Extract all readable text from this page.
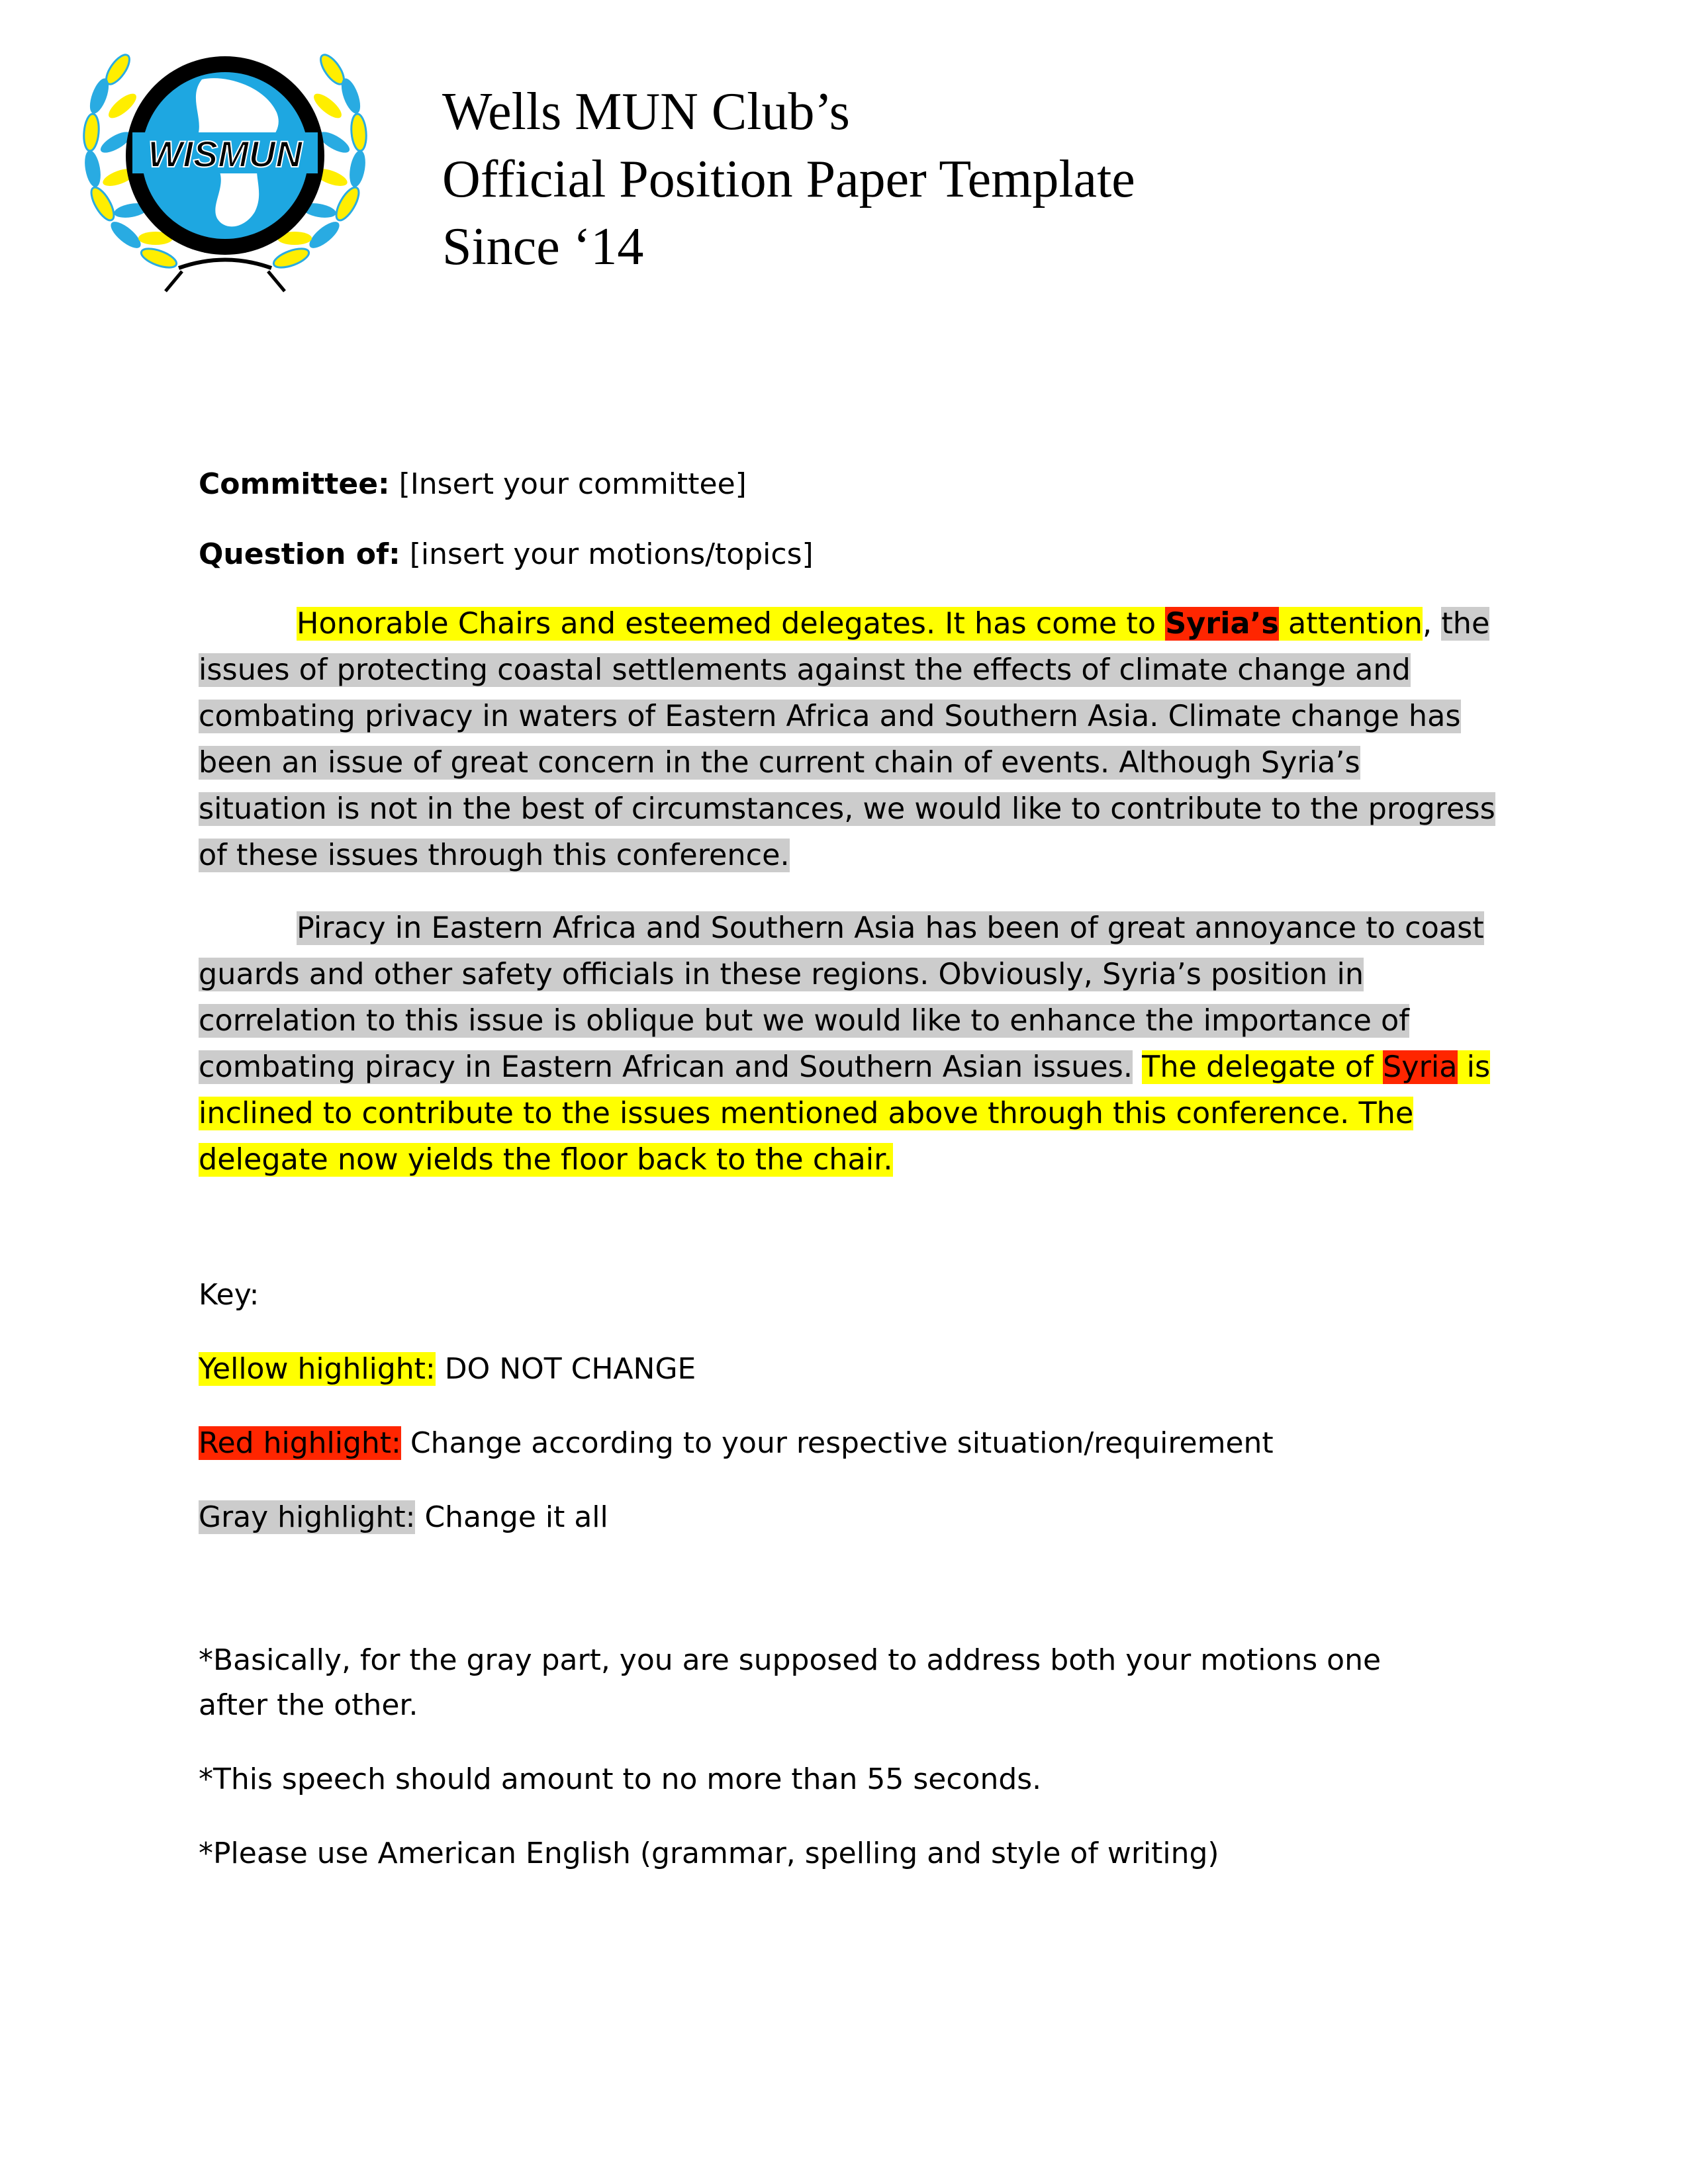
WISMUN
Wells MUN Club’s
Official Position Paper Template
Since ‘14

Committee: [Insert your committee]

Question of: [insert your motions/topics]

Honorable Chairs and esteemed delegates. It has come to Syria’s attention, the issues of protecting coastal settlements against the effects of climate change and combating privacy in waters of Eastern Africa and Southern Asia. Climate change has been an issue of great concern in the current chain of events. Although Syria’s situation is not in the best of circumstances, we would like to contribute to the progress of these issues through this conference.

Piracy in Eastern Africa and Southern Asia has been of great annoyance to coast guards and other safety officials in these regions. Obviously, Syria’s position in correlation to this issue is oblique but we would like to enhance the importance of combating piracy in Eastern African and Southern Asian issues. The delegate of Syria is inclined to contribute to the issues mentioned above through this conference. The delegate now yields the floor back to the chair.

Key:

Yellow highlight: DO NOT CHANGE

Red highlight: Change according to your respective situation/requirement

Gray highlight: Change it all

*Basically, for the gray part, you are supposed to address both your motions one after the other.

*This speech should amount to no more than 55 seconds.

*Please use American English (grammar, spelling and style of writing)
